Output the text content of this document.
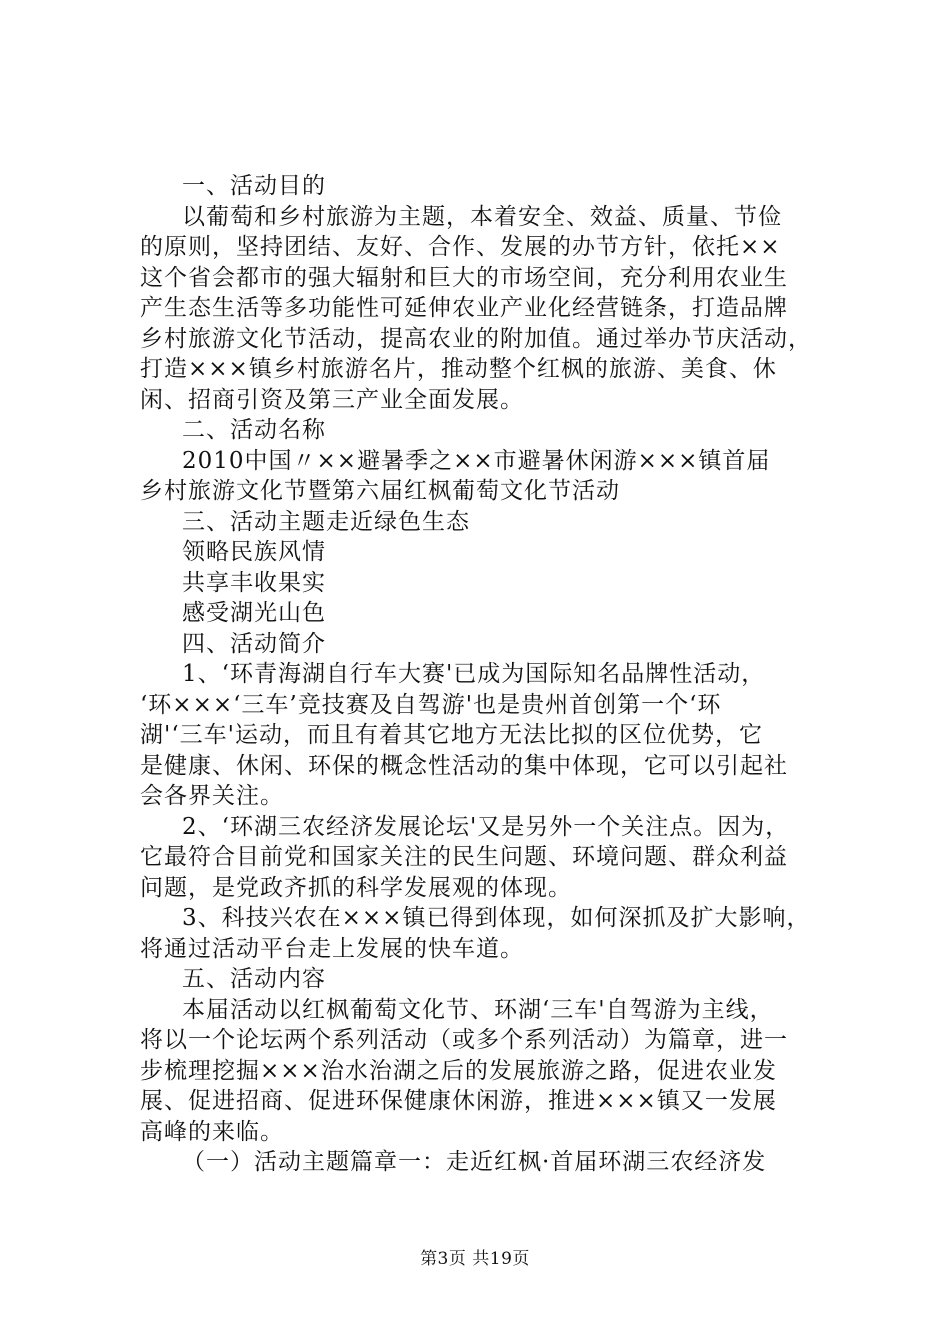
一、活动目的
以葡萄和乡村旅游为主题，本着安全、效益、质量、节俭
的原则，坚持团结、友好、合作、发展的办节方针，依托××
这个省会都市的强大辐射和巨大的市场空间，充分利用农业生
产生态生活等多功能性可延伸农业产业化经营链条，打造品牌
乡村旅游文化节活动，提高农业的附加值。通过举办节庆活动，
打造×××镇乡村旅游名片，推动整个红枫的旅游、美食、休
闲、招商引资及第三产业全面发展。
二、活动名称
2010中国〃××避暑季之××市避暑休闲游×××镇首届
乡村旅游文化节暨第六届红枫葡萄文化节活动
三、活动主题走近绿色生态
领略民族风情
共享丰收果实
感受湖光山色
四、活动简介
1、‘环青海湖自行车大赛'已成为国际知名品牌性活动，
‘环×××‘三车’竞技赛及自驾游'也是贵州首创第一个‘环
湖'‘三车'运动，而且有着其它地方无法比拟的区位优势，它
是健康、休闲、环保的概念性活动的集中体现，它可以引起社
会各界关注。
2、‘环湖三农经济发展论坛'又是另外一个关注点。因为，
它最符合目前党和国家关注的民生问题、环境问题、群众利益
问题，是党政齐抓的科学发展观的体现。
3、科技兴农在×××镇已得到体现，如何深抓及扩大影响，
将通过活动平台走上发展的快车道。
五、活动内容
本届活动以红枫葡萄文化节、环湖‘三车'自驾游为主线，
将以一个论坛两个系列活动（或多个系列活动）为篇章，进一
步梳理挖掘×××治水治湖之后的发展旅游之路，促进农业发
展、促进招商、促进环保健康休闲游，推进×××镇又一发展
高峰的来临。
（一）活动主题篇章一：走近红枫·首届环湖三农经济发
第3页 共19页
